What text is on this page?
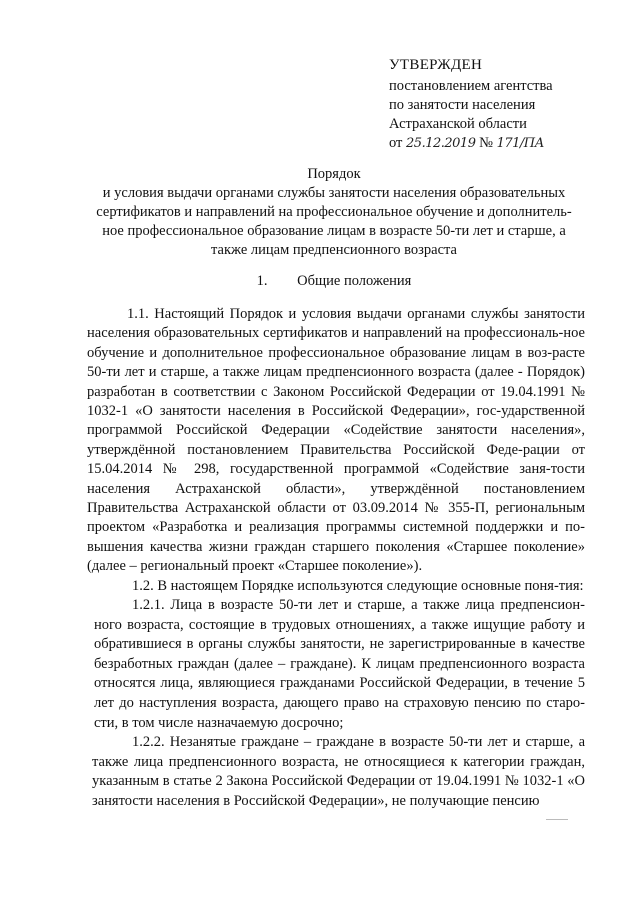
УТВЕРЖДЕН
постановлением агентства
по занятости населения
Астраханской области
от 25.12.2019 № 171/ПА
Порядок
и условия выдачи органами службы занятости населения образовательных
сертификатов и направлений на профессиональное обучение и дополнитель-
ное профессиональное образование лицам в возрасте 50-ти лет и старше, а
также лицам предпенсионного возраста
1. Общие положения

1.1. Настоящий Порядок и условия выдачи органами службы занятости населения образовательных сертификатов и направлений на профессиональ-ное обучение и дополнительное профессиональное образование лицам в воз-расте 50-ти лет и старше, а также лицам предпенсионного возраста (далее - Порядок) разработан в соответствии с Законом Российской Федерации от 19.04.1991 № 1032-1 «О занятости населения в Российской Федерации», гос-ударственной программой Российской Федерации «Содействие занятости населения», утверждённой постановлением Правительства Российской Феде-рации от 15.04.2014 № 298, государственной программой «Содействие заня-тости населения Астраханской области», утверждённой постановлением Правительства Астраханской области от 03.09.2014 № 355-П, региональным проектом «Разработка и реализация программы системной поддержки и по-вышения качества жизни граждан старшего поколения «Старшее поколение» (далее – региональный проект «Старшее поколение»).

1.2. В настоящем Порядке используются следующие основные поня-тия:

1.2.1. Лица в возрасте 50-ти лет и старше, а также лица предпенсион-ного возраста, состоящие в трудовых отношениях, а также ищущие работу и обратившиеся в органы службы занятости, не зарегистрированные в качестве безработных граждан (далее – граждане). К лицам предпенсионного возраста относятся лица, являющиеся гражданами Российской Федерации, в течение 5 лет до наступления возраста, дающего право на страховую пенсию по старо-сти, в том числе назначаемую досрочно;

1.2.2. Незанятые граждане – граждане в возрасте 50-ти лет и старше, а также лица предпенсионного возраста, не относящиеся к категории граждан, указанным в статье 2 Закона Российской Федерации от 19.04.1991 № 1032-1 «О занятости населения в Российской Федерации», не получающие пенсию
